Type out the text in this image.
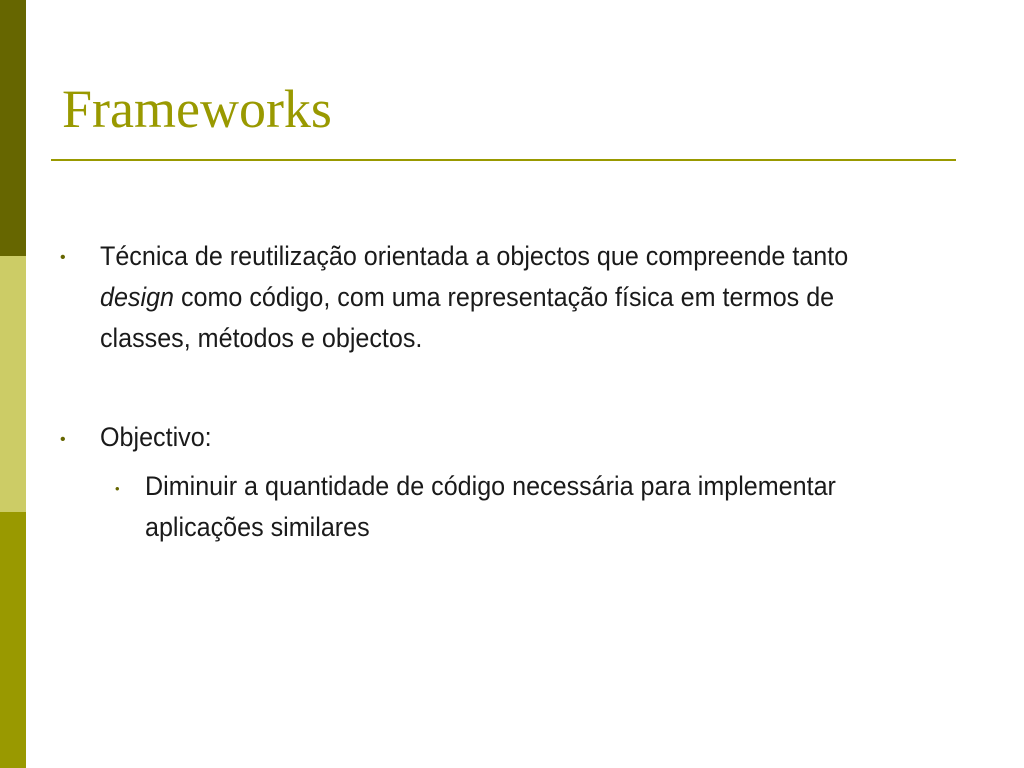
Frameworks
• Técnica de reutilização orientada a objectos que compreende tanto
design como código, com uma representação física em termos de
classes, métodos e objectos.
• Objectivo:
• Diminuir a quantidade de código necessária para implementar
aplicações similares
